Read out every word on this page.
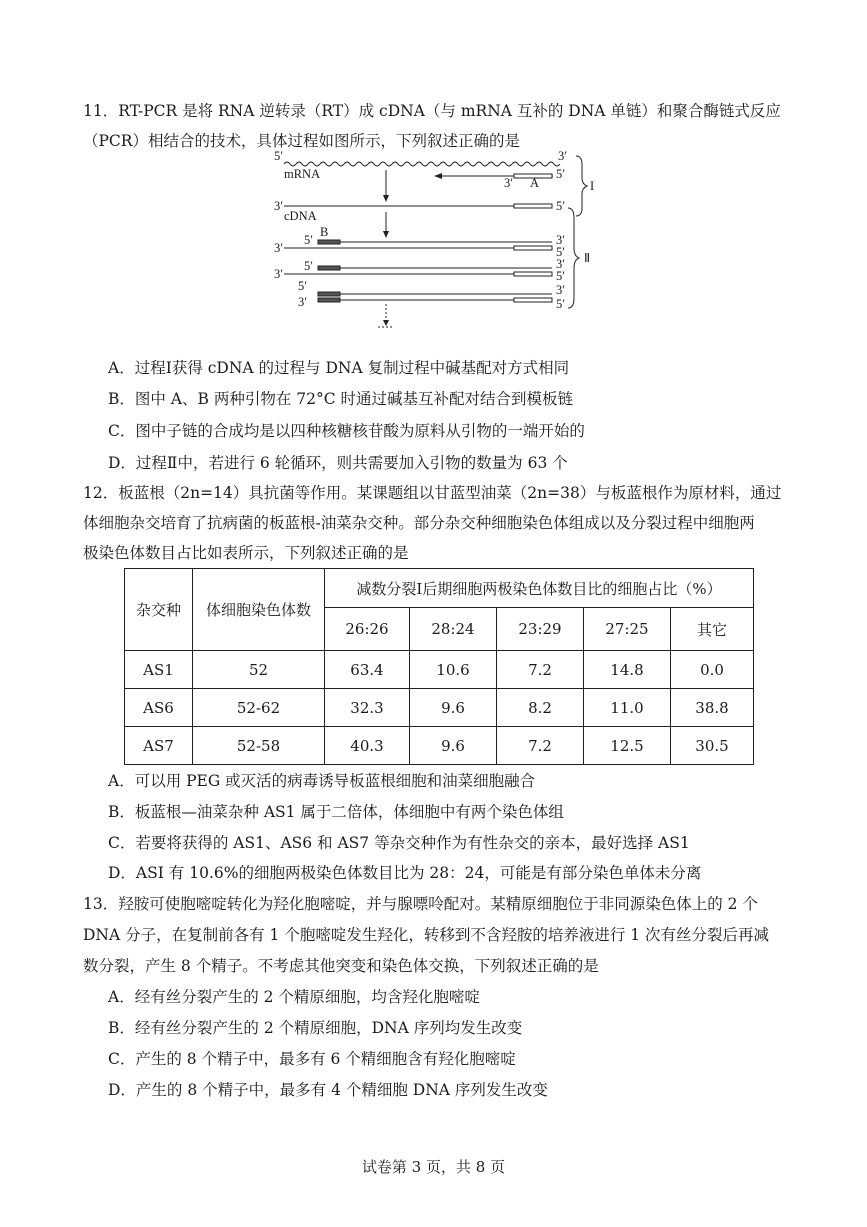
11．RT-PCR 是将 RNA 逆转录（RT）成 cDNA（与 mRNA 互补的 DNA 单链）和聚合酶链式反应
（PCR）相结合的技术，具体过程如图所示，下列叙述正确的是
5′	3′
mRNA
3′ A
5′
I
3′	5′
cDNA
B
5′	3′
3′	5′
5′	3′
3′	5′
5′	3′
3′	5′
Ⅱ
A．过程Ⅰ获得 cDNA 的过程与 DNA 复制过程中碱基配对方式相同
B．图中 A、B 两种引物在 72°C 时通过碱基互补配对结合到模板链
C．图中子链的合成均是以四种核糖核苷酸为原料从引物的一端开始的
D．过程Ⅱ中，若进行 6 轮循环，则共需要加入引物的数量为 63 个
12．板蓝根（2n=14）具抗菌等作用。某课题组以甘蓝型油菜（2n=38）与板蓝根作为原材料，通过
体细胞杂交培育了抗病菌的板蓝根-油菜杂交种。部分杂交种细胞染色体组成以及分裂过程中细胞两
极染色体数目占比如表所示，下列叙述正确的是
杂交种	体细胞染色体数	减数分裂Ⅰ后期细胞两极染色体数目比的细胞占比（%）				
		26:26	28:24	23:29	27:25	其它
AS1	52	63.4	10.6	7.2	14.8	0.0
AS6	52-62	32.3	9.6	8.2	11.0	38.8
AS7	52-58	40.3	9.6	7.2	12.5	30.5
A．可以用 PEG 或灭活的病毒诱导板蓝根细胞和油菜细胞融合
B．板蓝根—油菜杂种 AS1 属于二倍体，体细胞中有两个染色体组
C．若要将获得的 AS1、AS6 和 AS7 等杂交种作为有性杂交的亲本，最好选择 AS1
D．ASI 有 10.6%的细胞两极染色体数目比为 28：24，可能是有部分染色单体未分离
13．羟胺可使胞嘧啶转化为羟化胞嘧啶，并与腺嘌呤配对。某精原细胞位于非同源染色体上的 2 个
DNA 分子，在复制前各有 1 个胞嘧啶发生羟化，转移到不含羟胺的培养液进行 1 次有丝分裂后再减
数分裂，产生 8 个精子。不考虑其他突变和染色体交换，下列叙述正确的是
A．经有丝分裂产生的 2 个精原细胞，均含羟化胞嘧啶
B．经有丝分裂产生的 2 个精原细胞，DNA 序列均发生改变
C．产生的 8 个精子中，最多有 6 个精细胞含有羟化胞嘧啶
D．产生的 8 个精子中，最多有 4 个精细胞 DNA 序列发生改变
试卷第 3 页，共 8 页
